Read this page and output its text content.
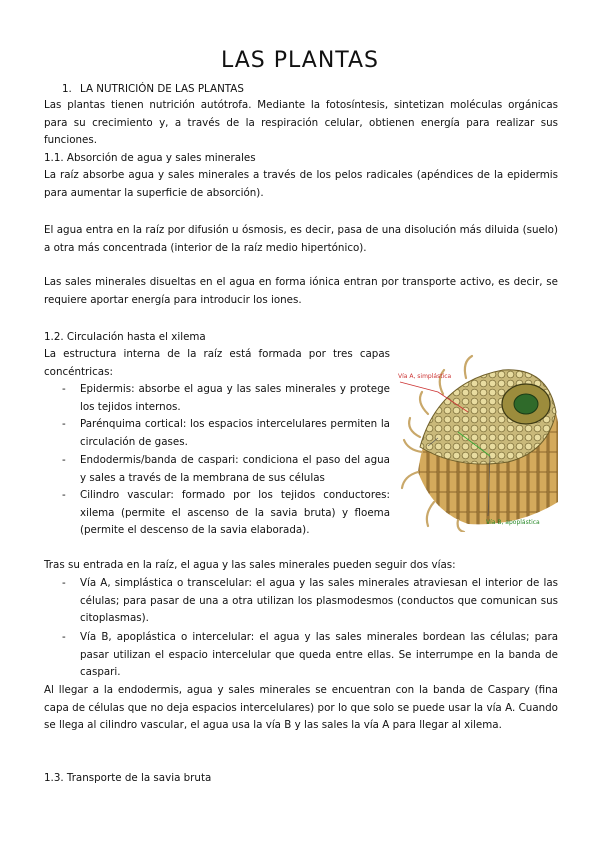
LAS PLANTAS
1. LA NUTRICIÓN DE LAS PLANTAS
Las plantas tienen nutrición autótrofa. Mediante la fotosíntesis, sintetizan moléculas orgánicas para su crecimiento y, a través de la respiración celular, obtienen energía para realizar sus funciones.
1.1. Absorción de agua y sales minerales
La raíz absorbe agua y sales minerales a través de los pelos radicales (apéndices de la epidermis para aumentar la superficie de absorción).
El agua entra en la raíz por difusión u ósmosis, es decir, pasa de una disolución más diluida (suelo) a otra más concentrada (interior de la raíz medio hipertónico).
Las sales minerales disueltas en el agua en forma iónica entran por transporte activo, es decir, se requiere aportar energía para introducir los iones.
1.2. Circulación hasta el xilema
La estructura interna de la raíz está formada por tres capas concéntricas:
-	Epidermis: absorbe el agua y las sales minerales y protege los tejidos internos.
-	Parénquima cortical: los espacios intercelulares permiten la circulación de gases.
-	Endodermis/banda de caspari: condiciona el paso del agua y sales a través de la membrana de sus células
-	Cilindro vascular: formado por los tejidos conductores: xilema (permite el ascenso de la savia bruta) y floema (permite el descenso de la savia elaborada).
Vía A, simplástica
Vía B, apoplástica
Tras su entrada en la raíz, el agua y las sales minerales pueden seguir dos vías:
-	Vía A, simplástica o transcelular: el agua y las sales minerales atraviesan el interior de las células; para pasar de una a otra utilizan los plasmodesmos (conductos que comunican sus citoplasmas).
-	Vía B, apoplástica o intercelular: el agua y las sales minerales bordean las células; para pasar utilizan el espacio intercelular que queda entre ellas. Se interrumpe en la banda de caspari.
Al llegar a la endodermis, agua y sales minerales se encuentran con la banda de Caspary (fina capa de células que no deja espacios intercelulares) por lo que solo se puede usar la vía A. Cuando se llega al cilindro vascular, el agua usa la vía B y las sales la vía A para llegar al xilema.
1.3. Transporte de la savia bruta
